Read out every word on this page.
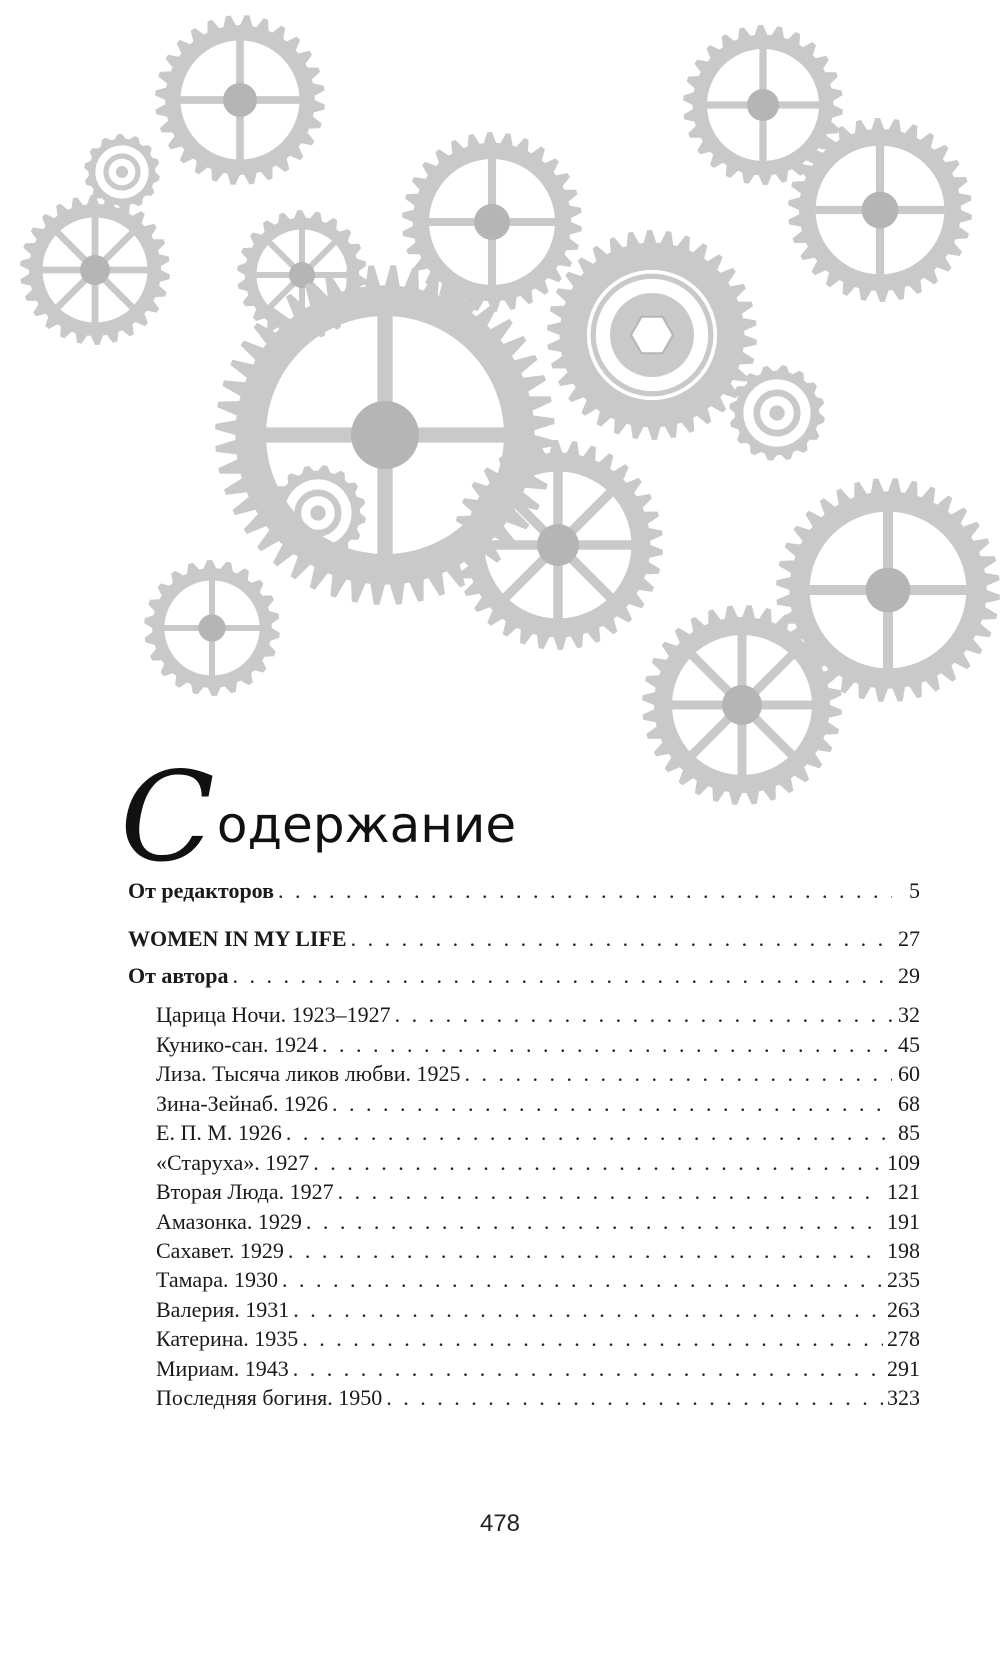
С одержание
От редакторов . . .	5
WOMEN IN MY LIFE . . .	27
От автора . . .	29
Царица Ночи. 1923–1927 . . .	32
Кунико-сан. 1924 . . .	45
Лиза. Тысяча ликов любви. 1925 . . .	60
Зина-Зейнаб. 1926 . . .	68
Е. П. М. 1926 . . .	85
«Старуха». 1927 . . .	109
Вторая Люда. 1927 . . .	121
Амазонка. 1929 . . .	191
Сахавет. 1929 . . .	198
Тамара. 1930 . . .	235
Валерия. 1931 . . .	263
Катерина. 1935 . . .	278
Мириам. 1943 . . .	291
Последняя богиня. 1950 . . .	323
478
